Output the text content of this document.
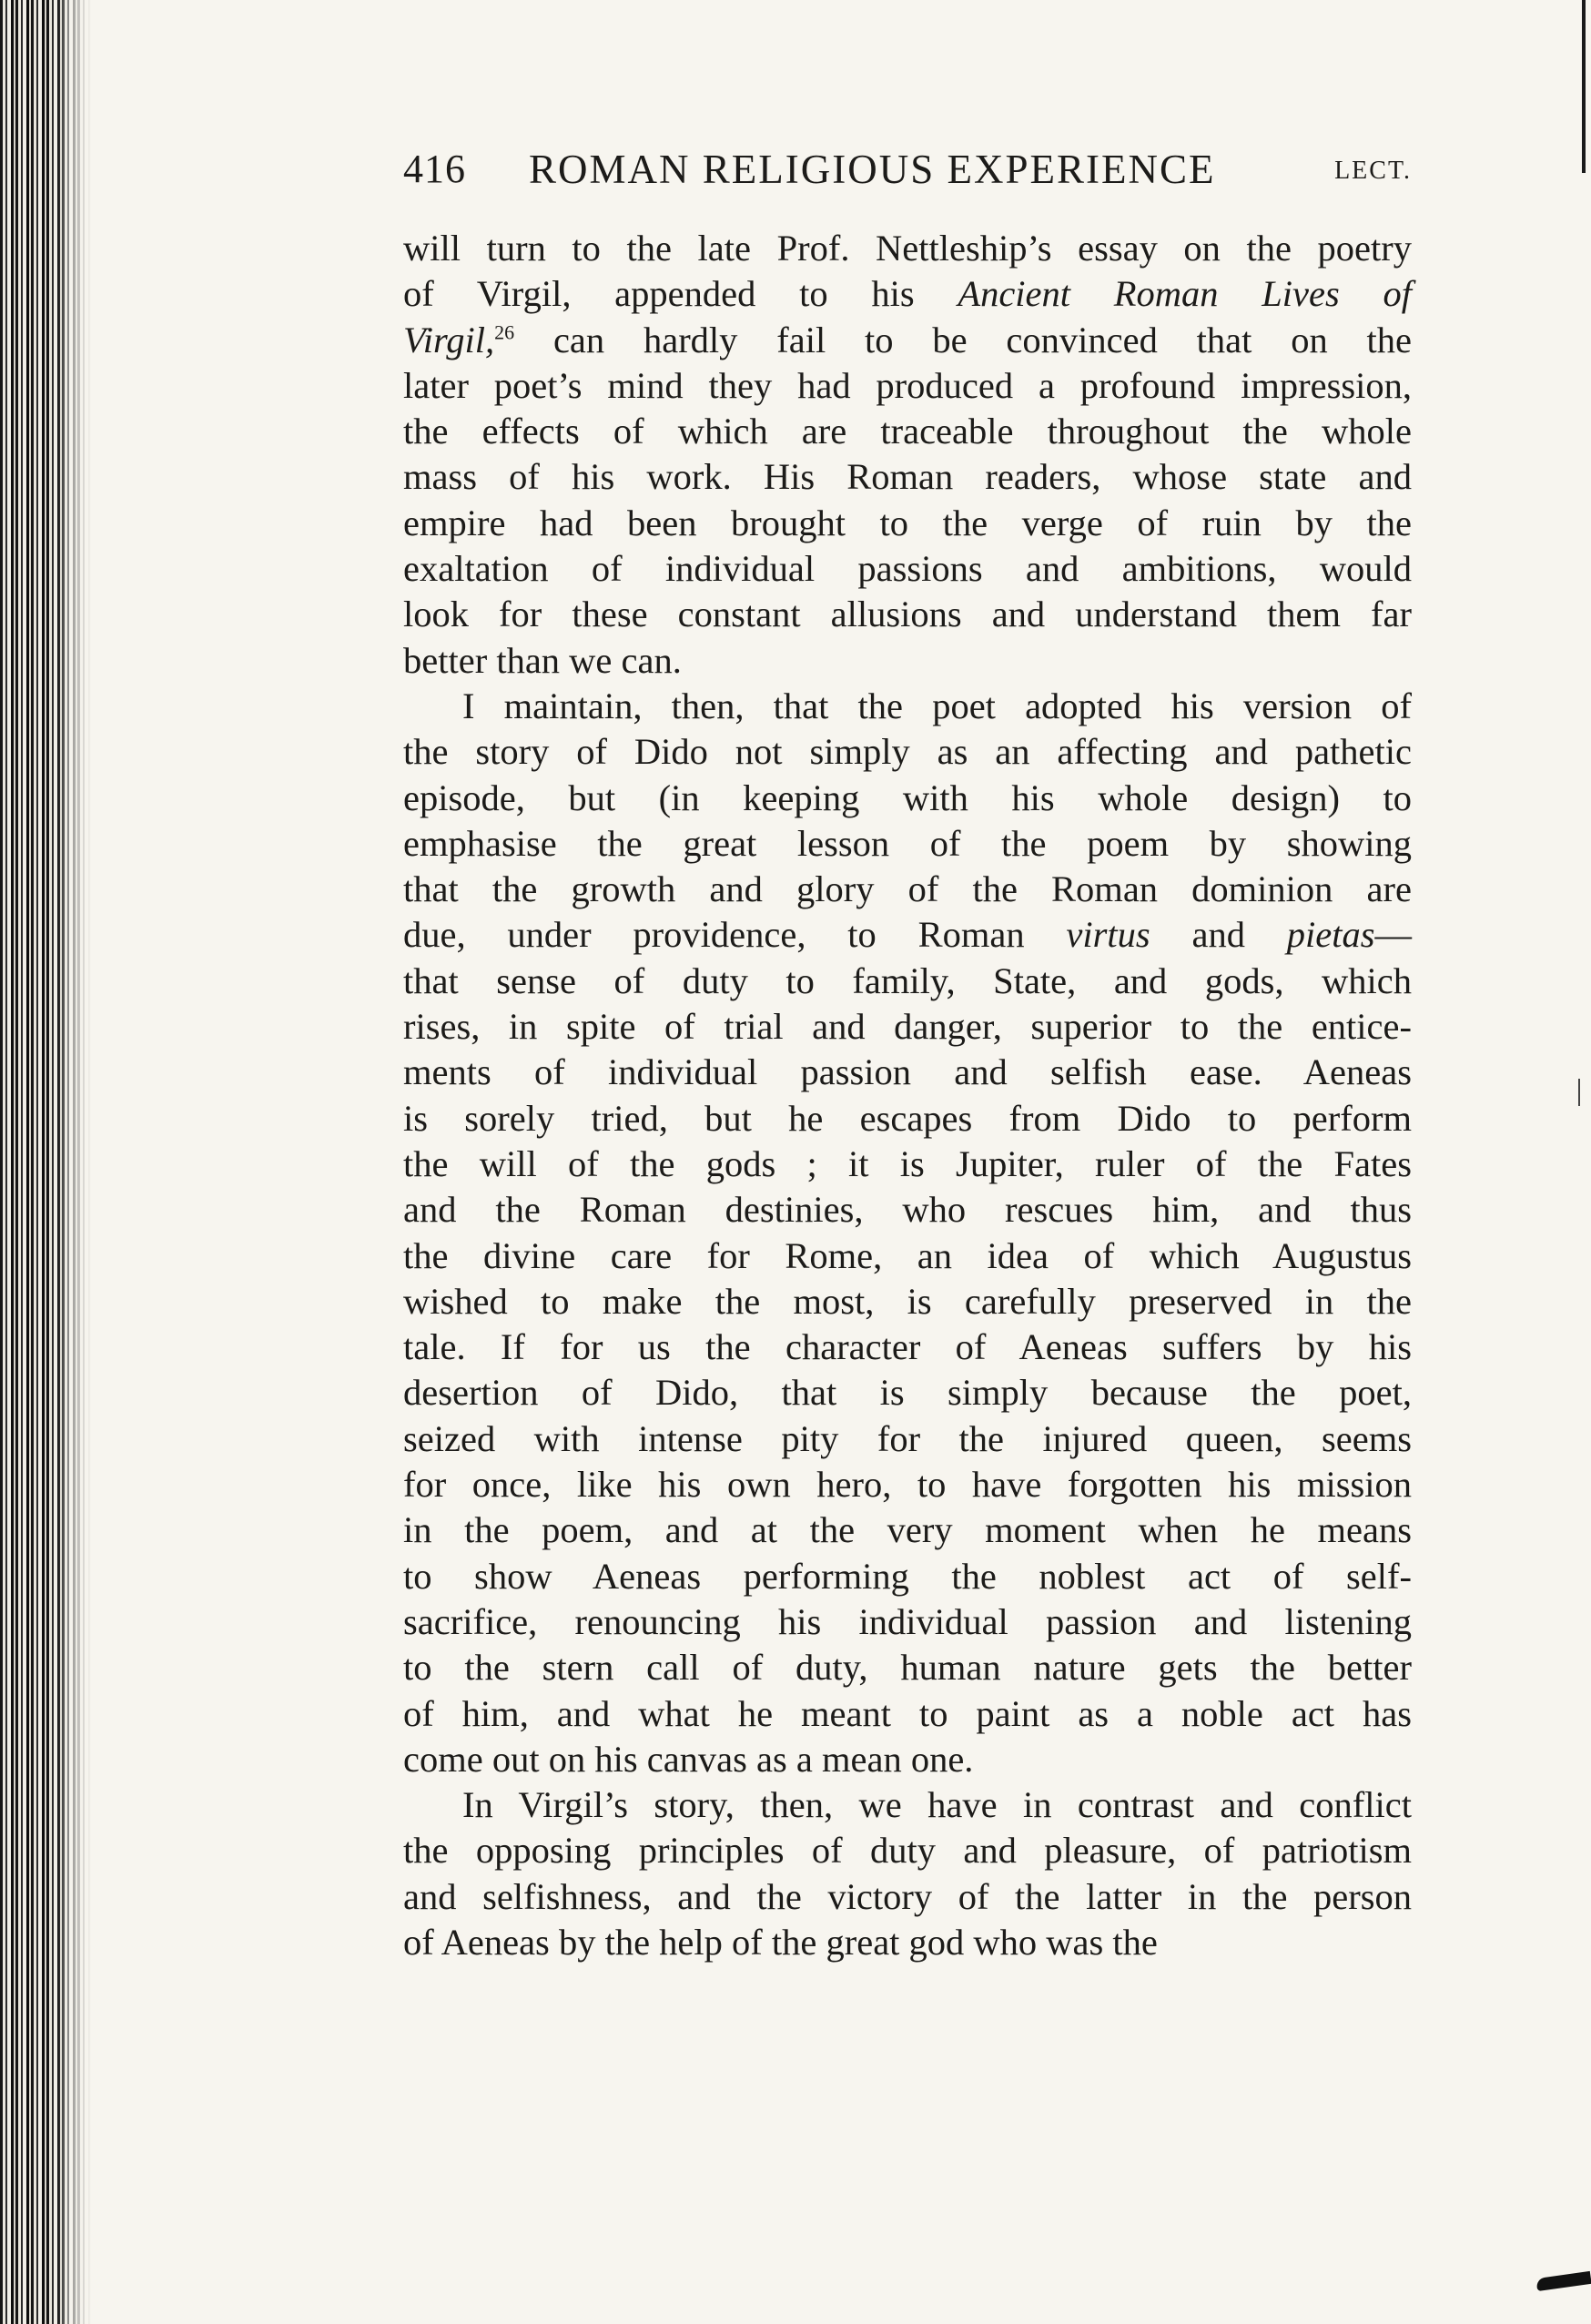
416 ROMAN RELIGIOUS EXPERIENCE	LECT.
will turn to the late Prof. Nettleship’s essay on the poetry
of Virgil, appended to his Ancient Roman Lives of
Virgil,$^{26}$ can hardly fail to be convinced that on the
later poet’s mind they had produced a profound impression,
the effects of which are traceable throughout the whole
mass of his work. His Roman readers, whose state and
empire had been brought to the verge of ruin by the
exaltation of individual passions and ambitions, would
look for these constant allusions and understand them far
better than we can.
I maintain, then, that the poet adopted his version of
the story of Dido not simply as an affecting and pathetic
episode, but (in keeping with his whole design) to
emphasise the great lesson of the poem by showing
that the growth and glory of the Roman dominion are
due, under providence, to Roman virtus and pietas—
that sense of duty to family, State, and gods, which
rises, in spite of trial and danger, superior to the entice-
ments of individual passion and selfish ease. Aeneas
is sorely tried, but he escapes from Dido to perform
the will of the gods ; it is Jupiter, ruler of the Fates
and the Roman destinies, who rescues him, and thus
the divine care for Rome, an idea of which Augustus
wished to make the most, is carefully preserved in the
tale. If for us the character of Aeneas suffers by his
desertion of Dido, that is simply because the poet,
seized with intense pity for the injured queen, seems
for once, like his own hero, to have forgotten his mission
in the poem, and at the very moment when he means
to show Aeneas performing the noblest act of self-
sacrifice, renouncing his individual passion and listening
to the stern call of duty, human nature gets the better
of him, and what he meant to paint as a noble act has
come out on his canvas as a mean one.
In Virgil’s story, then, we have in contrast and conflict
the opposing principles of duty and pleasure, of patriotism
and selfishness, and the victory of the latter in the person
of Aeneas by the help of the great god who was the
